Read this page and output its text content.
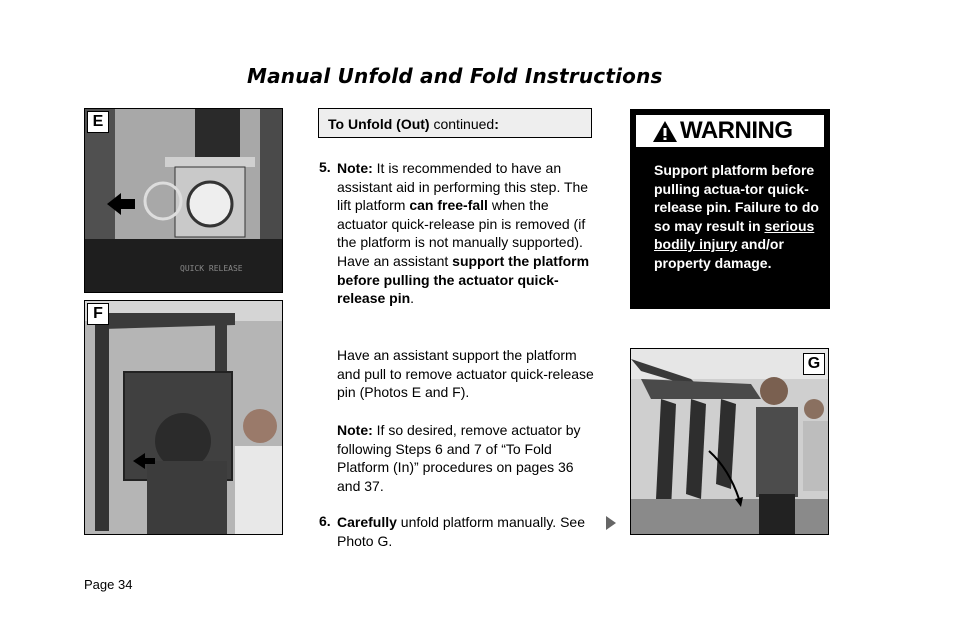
Manual Unfold and Fold Instructions
QUICK RELEASE
E
F
To Unfold (Out) continued:
5. Note: It is recommended to have an assistant aid in performing this step. The lift platform can free-fall when the actuator quick-release pin is removed (if the platform is not manually supported). Have an assistant support the platform before pulling the actuator quick-release pin.
Have an assistant support the platform and pull to remove actuator quick-release pin (Photos E and F).
Note: If so desired, remove actuator by following Steps 6 and 7 of “To Fold Platform (In)” procedures on pages 36 and 37.
6. Carefully unfold platform manually. See Photo G.
WARNING
Support platform before pulling actua-tor quick-release pin. Failure to do so may result in serious bodily injury and/or property damage.
G
Page 34
